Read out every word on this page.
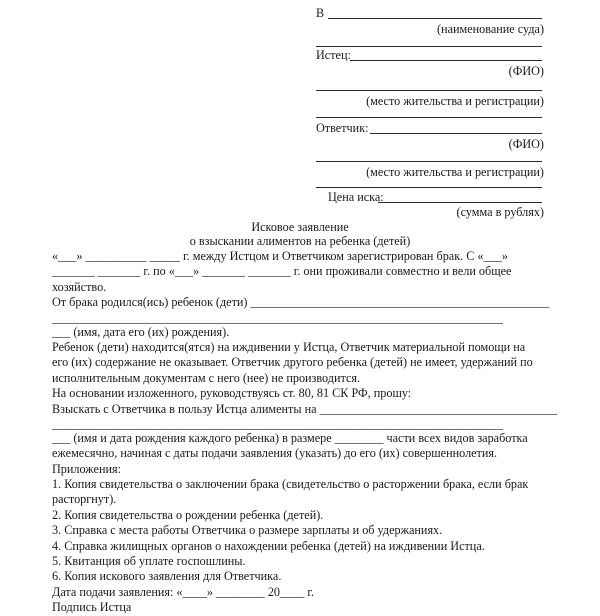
В
(наименование суда)
Истец:
(ФИО)
(место жительства и регистрации)
Ответчик:
(ФИО)
(место жительства и регистрации)
Цена иска:
(сумма в рублях)
Исковое заявление
о взыскании алиментов на ребенка (детей)
«___» __________ _____ г. между Истцом и Ответчиком зарегистрирован брак. С «___»
_______ _______ г. по «___» _______ _______ г. они проживали совместно и вели общее
хозяйство.
От брака родился(ись) ребенок (дети) _________________________________________________
__________________________________________________________________________
___ (имя, дата его (их) рождения).
Ребенок (дети) находится(ятся) на иждивении у Истца, Ответчик материальной помощи на
его (их) содержание не оказывает. Ответчик другого ребенка (детей) не имеет, удержаний по
исполнительным документам с него (нее) не производится.
На основании изложенного, руководствуясь ст. 80, 81 СК РФ, прошу:
Взыскать с Ответчика в пользу Истца алименты на _______________________________________
__________________________________________________________________________
___ (имя и дата рождения каждого ребенка) в размере ________ части всех видов заработка
ежемесячно, начиная с даты подачи заявления (указать) до его (их) совершеннолетия.
Приложения:
1. Копия свидетельства о заключении брака (свидетельство о расторжении брака, если брак
расторгнут).
2. Копия свидетельства о рождении ребенка (детей).
3. Справка с места работы Ответчика о размере зарплаты и об удержаниях.
4. Справка жилищных органов о нахождении ребенка (детей) на иждивении Истца.
5. Квитанция об уплате госпошлины.
6. Копия искового заявления для Ответчика.
Дата подачи заявления: «____» ________ 20____ г.
Подпись Истца
